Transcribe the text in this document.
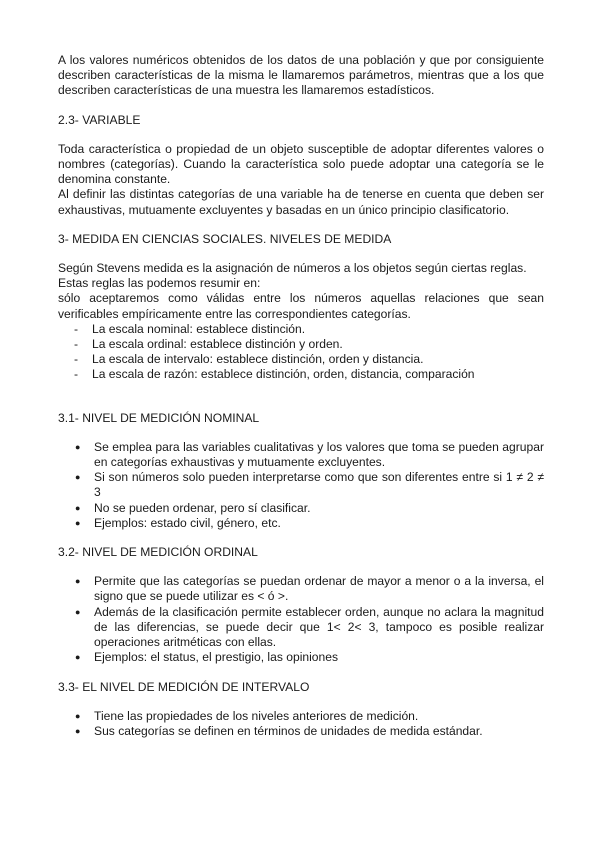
A los valores numéricos obtenidos de los datos de una población y que por consiguiente describen características de la misma le llamaremos parámetros, mientras que a los que describen características de una muestra les llamaremos estadísticos.

2.3- VARIABLE

Toda característica o propiedad de un objeto susceptible de adoptar diferentes valores o nombres (categorías). Cuando la característica solo puede adoptar una categoría se le denomina constante.

Al definir las distintas categorías de una variable ha de tenerse en cuenta que deben ser exhaustivas, mutuamente excluyentes y basadas en un único principio clasificatorio.

3- MEDIDA EN CIENCIAS SOCIALES. NIVELES DE MEDIDA

Según Stevens medida es la asignación de números a los objetos según ciertas reglas.

Estas reglas las podemos resumir en:

sólo aceptaremos como válidas entre los números aquellas relaciones que sean verificables empíricamente entre las correspondientes categorías.

- La escala nominal: establece distinción.
- La escala ordinal: establece distinción y orden.
- La escala de intervalo: establece distinción, orden y distancia.
- La escala de razón: establece distinción, orden, distancia, comparación
3.1- NIVEL DE MEDICIÓN NOMINAL
● Se emplea para las variables cualitativas y los valores que toma se pueden agrupar en categorías exhaustivas y mutuamente excluyentes.
● Si son números solo pueden interpretarse como que son diferentes entre si 1 ≠ 2 ≠ 3
● No se pueden ordenar, pero sí clasificar.
● Ejemplos: estado civil, género, etc.
3.2- NIVEL DE MEDICIÓN ORDINAL
● Permite que las categorías se puedan ordenar de mayor a menor o a la inversa, el signo que se puede utilizar es < ó >.
● Además de la clasificación permite establecer orden, aunque no aclara la magnitud de las diferencias, se puede decir que 1< 2< 3, tampoco es posible realizar operaciones aritméticas con ellas.
● Ejemplos: el status, el prestigio, las opiniones
3.3- EL NIVEL DE MEDICIÓN DE INTERVALO
● Tiene las propiedades de los niveles anteriores de medición.
● Sus categorías se definen en términos de unidades de medida estándar.
